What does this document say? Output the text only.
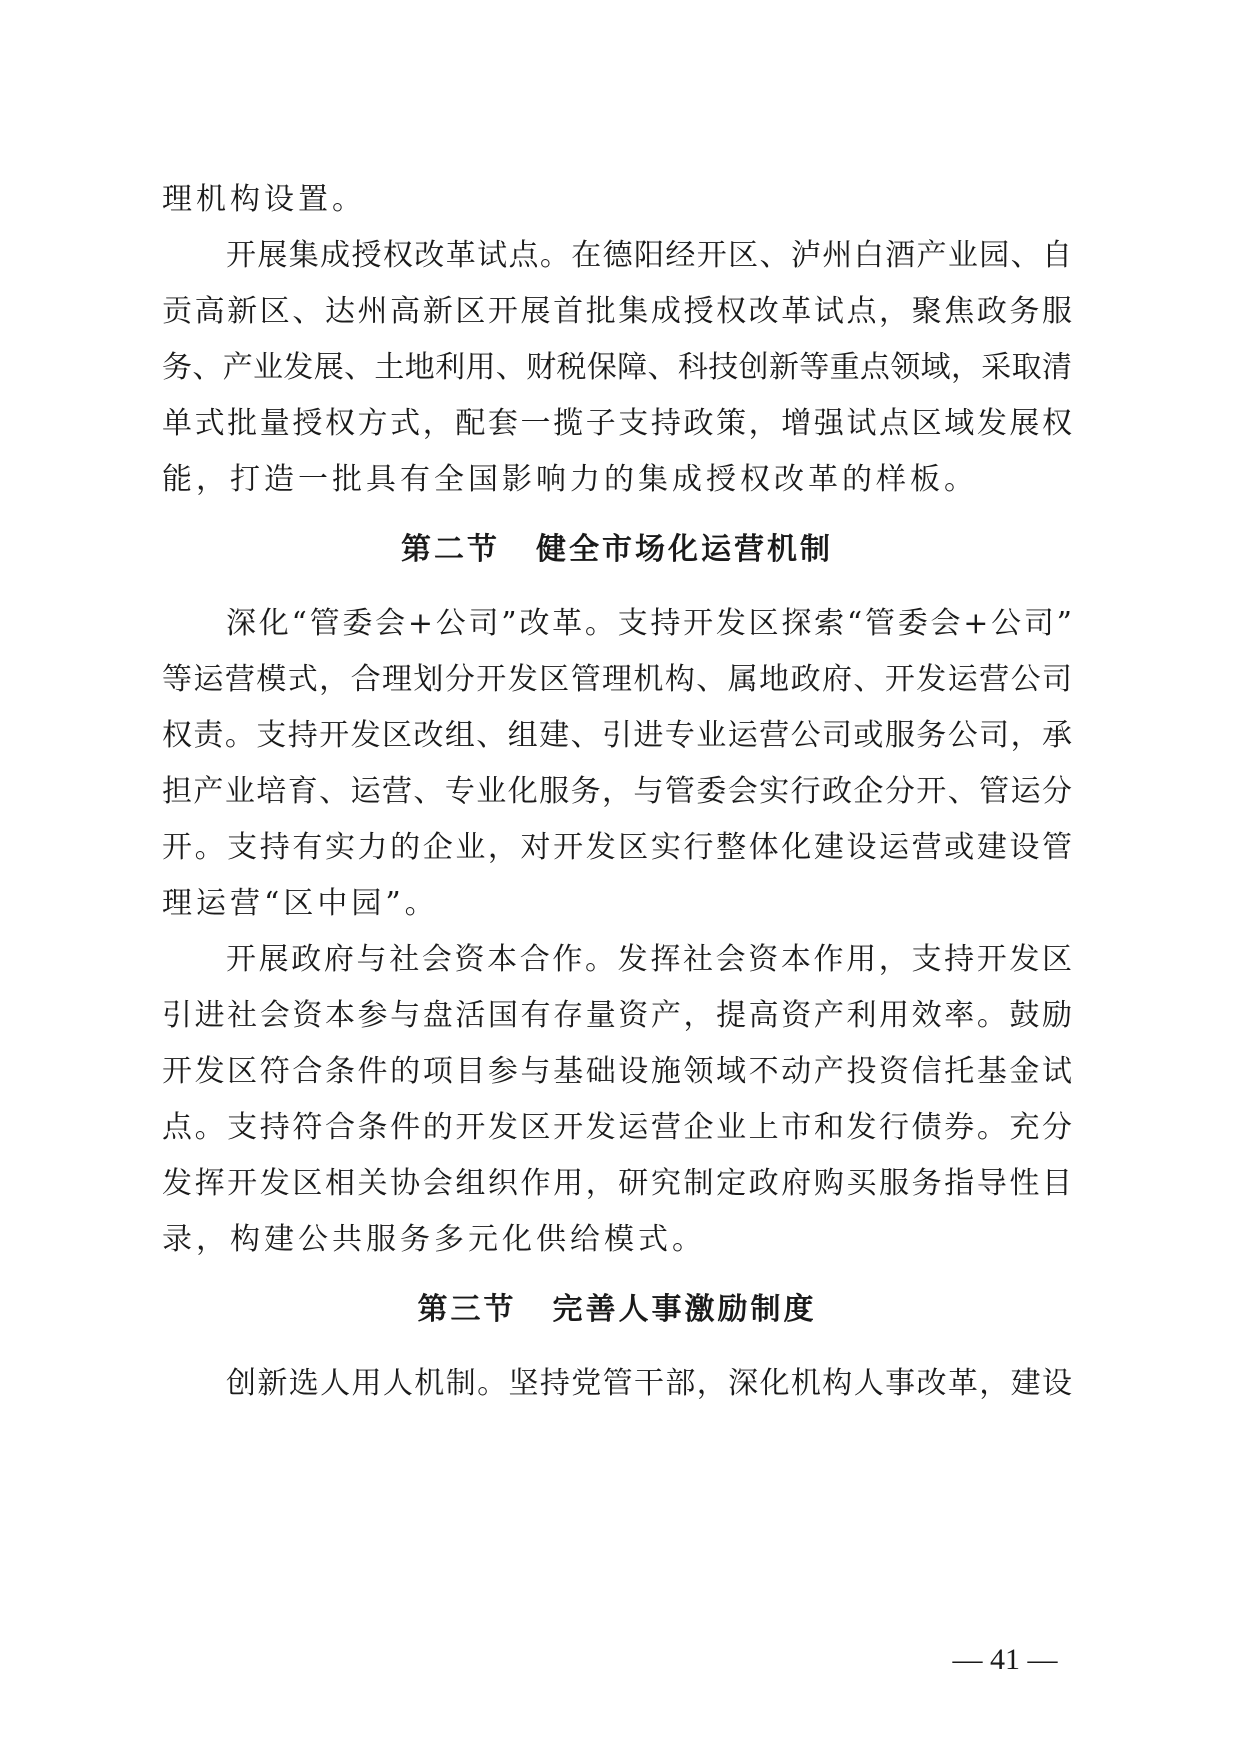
理机构设置。
开展集成授权改革试点。在德阳经开区、泸州白酒产业园、自
贡高新区、达州高新区开展首批集成授权改革试点，聚焦政务服
务、产业发展、土地利用、财税保障、科技创新等重点领域，采取清
单式批量授权方式，配套一揽子支持政策，增强试点区域发展权
能，打造一批具有全国影响力的集成授权改革的样板。
第二节 健全市场化运营机制
深化“管委会+公司”改革。支持开发区探索“管委会+公司”
等运营模式，合理划分开发区管理机构、属地政府、开发运营公司
权责。支持开发区改组、组建、引进专业运营公司或服务公司，承
担产业培育、运营、专业化服务，与管委会实行政企分开、管运分
开。支持有实力的企业，对开发区实行整体化建设运营或建设管
理运营“区中园”。
开展政府与社会资本合作。发挥社会资本作用，支持开发区
引进社会资本参与盘活国有存量资产，提高资产利用效率。鼓励
开发区符合条件的项目参与基础设施领域不动产投资信托基金试
点。支持符合条件的开发区开发运营企业上市和发行债券。充分
发挥开发区相关协会组织作用，研究制定政府购买服务指导性目
录，构建公共服务多元化供给模式。
第三节 完善人事激励制度
创新选人用人机制。坚持党管干部，深化机构人事改革，建设
— 41 —
